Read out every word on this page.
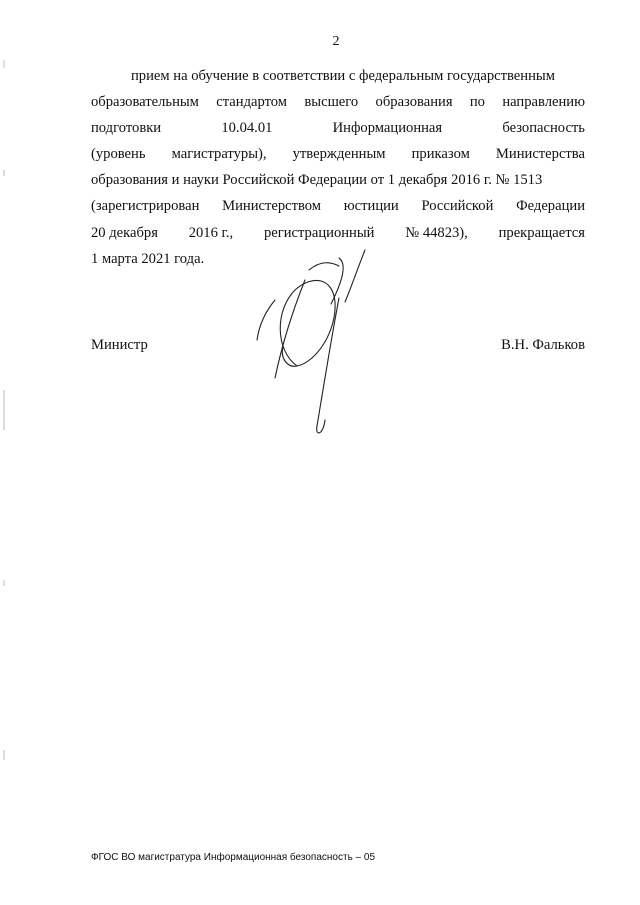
2
прием на обучение в соответствии с федеральным государственным
образовательным стандартом высшего образования по направлению
подготовки	10.04.01	Информационная	безопасность
(уровень магистратуры), утвержденным приказом Министерства
образования и науки Российской Федерации от 1 декабря 2016 г. № 1513
(зарегистрирован Министерством юстиции Российской Федерации
20 декабря 2016 г., регистрационный № 44823), прекращается
1 марта 2021 года.
Министр	В.Н. Фальков
ФГОС ВО магистратура Информационная безопасность – 05
